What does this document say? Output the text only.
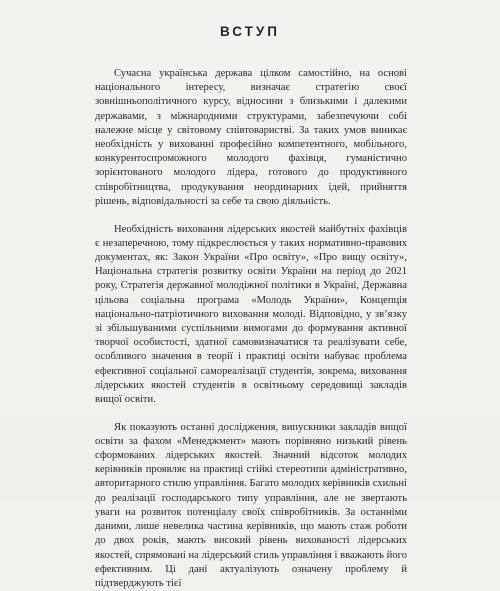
ВСТУП

Сучасна українська держава цілком самостійно, на основі національного інтересу, визначає стратегію своєї зовнішньополітичного курсу, відносини з близькими і далекими державами, з міжнародними структурами, забезпечуючи собі належне місце у світовому співтоваристві. За таких умов виникає необхідність у вихованні професійно компетентного, мобільного, конкурентоспроможного молодого фахівця, гуманістично зорієнтованого молодого лідера, готового до продуктивного співробітництва, продукування неординарних ідей, прийняття рішень, відповідальності за себе та свою діяльність.

Необхідність виховання лідерських якостей майбутніх фахівців є незаперечною, тому підкреслюється у таких нормативно-правових документах, як: Закон України «Про освіту», «Про вищу освіту», Національна стратегія розвитку освіти України на період до 2021 року, Стратегія державної молодіжної політики в Україні, Державна цільова соціальна програма «Молодь України», Концепція національно-патріотичного виховання молоді. Відповідно, у зв’язку зі збільшуваними суспільними вимогами до формування активної творчої особистості, здатної самовизначатися та реалізувати себе, особливого значення в теорії і практиці освіти набуває проблема ефективної соціальної самореалізації студентів, зокрема, виховання лідерських якостей студентів в освітньому середовищі закладів вищої освіти.

Як показують останні дослідження, випускники закладів вищої освіти за фахом «Менеджмент» мають порівняно низький рівень сформованих лідерських якостей. Значний відсоток молодих керівників проявляє на практиці стійкі стереотипи адміністративно, авторитарного стилю управління. Багато молодих керівників схильні до реалізації господарського типу управління, але не звертають уваги на розвиток потенціалу своїх співробітників. За останніми даними, лише невелика частина керівників, що мають стаж роботи до двох років, мають високий рівень вихованості лідерських якостей, спрямовані на лідерський стиль управління і вважають його ефективним. Ці дані актуалізують означену проблему й підтверджують тієї
